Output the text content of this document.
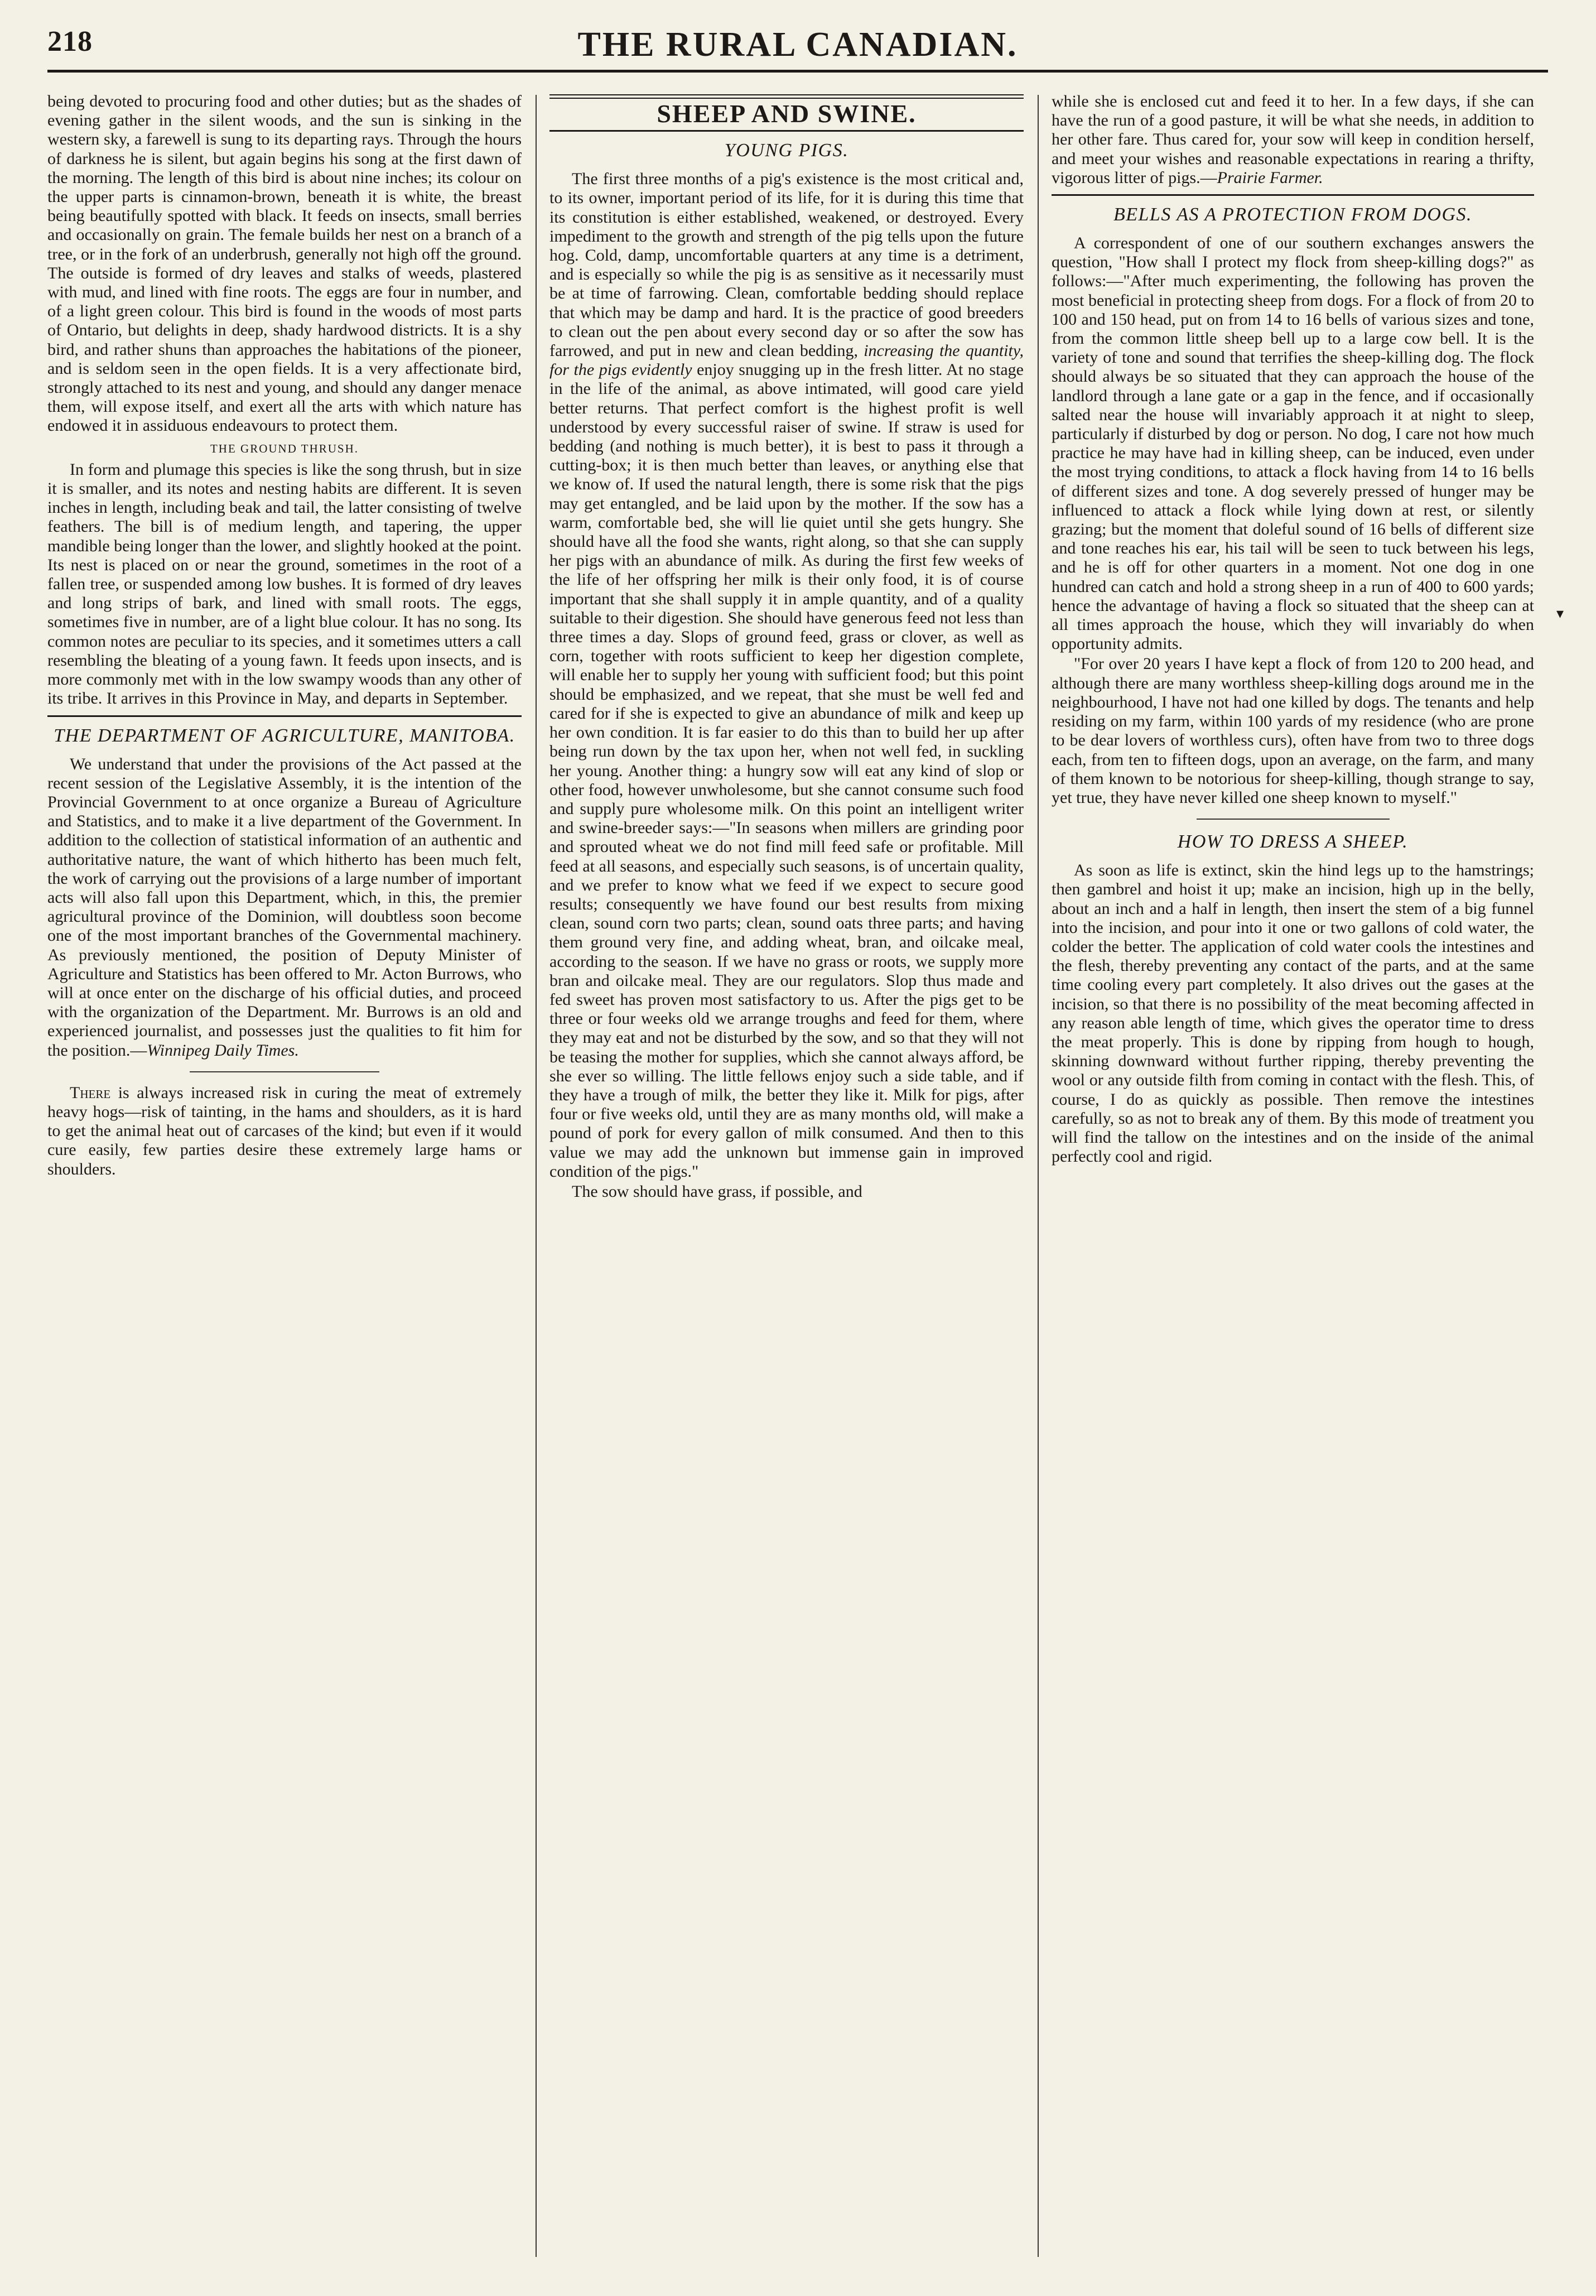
218	THE RURAL CANADIAN.

being devoted to procuring food and other duties; but as the shades of evening gather in the silent woods, and the sun is sinking in the western sky, a farewell is sung to its departing rays. Through the hours of darkness he is silent, but again begins his song at the first dawn of the morning. The length of this bird is about nine inches; its colour on the upper parts is cinnamon-brown, beneath it is white, the breast being beautifully spotted with black. It feeds on insects, small berries and occasionally on grain. The female builds her nest on a branch of a tree, or in the fork of an underbrush, generally not high off the ground. The outside is formed of dry leaves and stalks of weeds, plastered with mud, and lined with fine roots. The eggs are four in number, and of a light green colour. This bird is found in the woods of most parts of Ontario, but delights in deep, shady hardwood districts. It is a shy bird, and rather shuns than approaches the habitations of the pioneer, and is seldom seen in the open fields. It is a very affectionate bird, strongly attached to its nest and young, and should any danger menace them, will expose itself, and exert all the arts with which nature has endowed it in assiduous endeavours to protect them.

THE GROUND THRUSH.

In form and plumage this species is like the song thrush, but in size it is smaller, and its notes and nesting habits are different. It is seven inches in length, including beak and tail, the latter consisting of twelve feathers. The bill is of medium length, and tapering, the upper mandible being longer than the lower, and slightly hooked at the point. Its nest is placed on or near the ground, sometimes in the root of a fallen tree, or suspended among low bushes. It is formed of dry leaves and long strips of bark, and lined with small roots. The eggs, sometimes five in number, are of a light blue colour. It has no song. Its common notes are peculiar to its species, and it sometimes utters a call resembling the bleating of a young fawn. It feeds upon insects, and is more commonly met with in the low swampy woods than any other of its tribe. It arrives in this Province in May, and departs in September.

THE DEPARTMENT OF AGRICULTURE, MANITOBA.

We understand that under the provisions of the Act passed at the recent session of the Legislative Assembly, it is the intention of the Provincial Government to at once organize a Bureau of Agriculture and Statistics, and to make it a live department of the Government. In addition to the collection of statistical information of an authentic and authoritative nature, the want of which hitherto has been much felt, the work of carrying out the provisions of a large number of important acts will also fall upon this Department, which, in this, the premier agricultural province of the Dominion, will doubtless soon become one of the most important branches of the Governmental machinery. As previously mentioned, the position of Deputy Minister of Agriculture and Statistics has been offered to Mr. Acton Burrows, who will at once enter on the discharge of his official duties, and proceed with the organization of the Department. Mr. Burrows is an old and experienced journalist, and possesses just the qualities to fit him for the position.—Winnipeg Daily Times.

There is always increased risk in curing the meat of extremely heavy hogs—risk of tainting, in the hams and shoulders, as it is hard to get the animal heat out of carcases of the kind; but even if it would cure easily, few parties desire these extremely large hams or shoulders.

SHEEP AND SWINE.
YOUNG PIGS.

The first three months of a pig's existence is the most critical and, to its owner, important period of its life, for it is during this time that its constitution is either established, weakened, or destroyed. Every impediment to the growth and strength of the pig tells upon the future hog. Cold, damp, uncomfortable quarters at any time is a detriment, and is especially so while the pig is as sensitive as it necessarily must be at time of farrowing. Clean, comfortable bedding should replace that which may be damp and hard. It is the practice of good breeders to clean out the pen about every second day or so after the sow has farrowed, and put in new and clean bedding, increasing the quantity, for the pigs evidently enjoy snugging up in the fresh litter. At no stage in the life of the animal, as above intimated, will good care yield better returns. That perfect comfort is the highest profit is well understood by every successful raiser of swine. If straw is used for bedding (and nothing is much better), it is best to pass it through a cutting-box; it is then much better than leaves, or anything else that we know of. If used the natural length, there is some risk that the pigs may get entangled, and be laid upon by the mother. If the sow has a warm, comfortable bed, she will lie quiet until she gets hungry. She should have all the food she wants, right along, so that she can supply her pigs with an abundance of milk. As during the first few weeks of the life of her offspring her milk is their only food, it is of course important that she shall supply it in ample quantity, and of a quality suitable to their digestion. She should have generous feed not less than three times a day. Slops of ground feed, grass or clover, as well as corn, together with roots sufficient to keep her digestion complete, will enable her to supply her young with sufficient food; but this point should be emphasized, and we repeat, that she must be well fed and cared for if she is expected to give an abundance of milk and keep up her own condition. It is far easier to do this than to build her up after being run down by the tax upon her, when not well fed, in suckling her young. Another thing: a hungry sow will eat any kind of slop or other food, however unwholesome, but she cannot consume such food and supply pure wholesome milk. On this point an intelligent writer and swine-breeder says:—"In seasons when millers are grinding poor and sprouted wheat we do not find mill feed safe or profitable. Mill feed at all seasons, and especially such seasons, is of uncertain quality, and we prefer to know what we feed if we expect to secure good results; consequently we have found our best results from mixing clean, sound corn two parts; clean, sound oats three parts; and having them ground very fine, and adding wheat, bran, and oilcake meal, according to the season. If we have no grass or roots, we supply more bran and oilcake meal. They are our regulators. Slop thus made and fed sweet has proven most satisfactory to us. After the pigs get to be three or four weeks old we arrange troughs and feed for them, where they may eat and not be disturbed by the sow, and so that they will not be teasing the mother for supplies, which she cannot always afford, be she ever so willing. The little fellows enjoy such a side table, and if they have a trough of milk, the better they like it. Milk for pigs, after four or five weeks old, until they are as many months old, will make a pound of pork for every gallon of milk consumed. And then to this value we may add the unknown but immense gain in improved condition of the pigs."

The sow should have grass, if possible, and

while she is enclosed cut and feed it to her. In a few days, if she can have the run of a good pasture, it will be what she needs, in addition to her other fare. Thus cared for, your sow will keep in condition herself, and meet your wishes and reasonable expectations in rearing a thrifty, vigorous litter of pigs.—Prairie Farmer.

BELLS AS A PROTECTION FROM DOGS.

A correspondent of one of our southern exchanges answers the question, "How shall I protect my flock from sheep-killing dogs?" as follows:—"After much experimenting, the following has proven the most beneficial in protecting sheep from dogs. For a flock of from 20 to 100 and 150 head, put on from 14 to 16 bells of various sizes and tone, from the common little sheep bell up to a large cow bell. It is the variety of tone and sound that terrifies the sheep-killing dog. The flock should always be so situated that they can approach the house of the landlord through a lane gate or a gap in the fence, and if occasionally salted near the house will invariably approach it at night to sleep, particularly if disturbed by dog or person. No dog, I care not how much practice he may have had in killing sheep, can be induced, even under the most trying conditions, to attack a flock having from 14 to 16 bells of different sizes and tone. A dog severely pressed of hunger may be influenced to attack a flock while lying down at rest, or silently grazing; but the moment that doleful sound of 16 bells of different size and tone reaches his ear, his tail will be seen to tuck between his legs, and he is off for other quarters in a moment. Not one dog in one hundred can catch and hold a strong sheep in a run of 400 to 600 yards; hence the advantage of having a flock so situated that the sheep can at all times approach the house, which they will invariably do when opportunity admits.

"For over 20 years I have kept a flock of from 120 to 200 head, and although there are many worthless sheep-killing dogs around me in the neighbourhood, I have not had one killed by dogs. The tenants and help residing on my farm, within 100 yards of my residence (who are prone to be dear lovers of worthless curs), often have from two to three dogs each, from ten to fifteen dogs, upon an average, on the farm, and many of them known to be notorious for sheep-killing, though strange to say, yet true, they have never killed one sheep known to myself."

HOW TO DRESS A SHEEP.

As soon as life is extinct, skin the hind legs up to the hamstrings; then gambrel and hoist it up; make an incision, high up in the belly, about an inch and a half in length, then insert the stem of a big funnel into the incision, and pour into it one or two gallons of cold water, the colder the better. The application of cold water cools the intestines and the flesh, thereby preventing any contact of the parts, and at the same time cooling every part completely. It also drives out the gases at the incision, so that there is no possibility of the meat becoming affected in any reason able length of time, which gives the operator time to dress the meat properly. This is done by ripping from hough to hough, skinning downward without further ripping, thereby preventing the wool or any outside filth from coming in contact with the flesh. This, of course, I do as quickly as possible. Then remove the intestines carefully, so as not to break any of them. By this mode of treatment you will find the tallow on the intestines and on the inside of the animal perfectly cool and rigid.

▾
